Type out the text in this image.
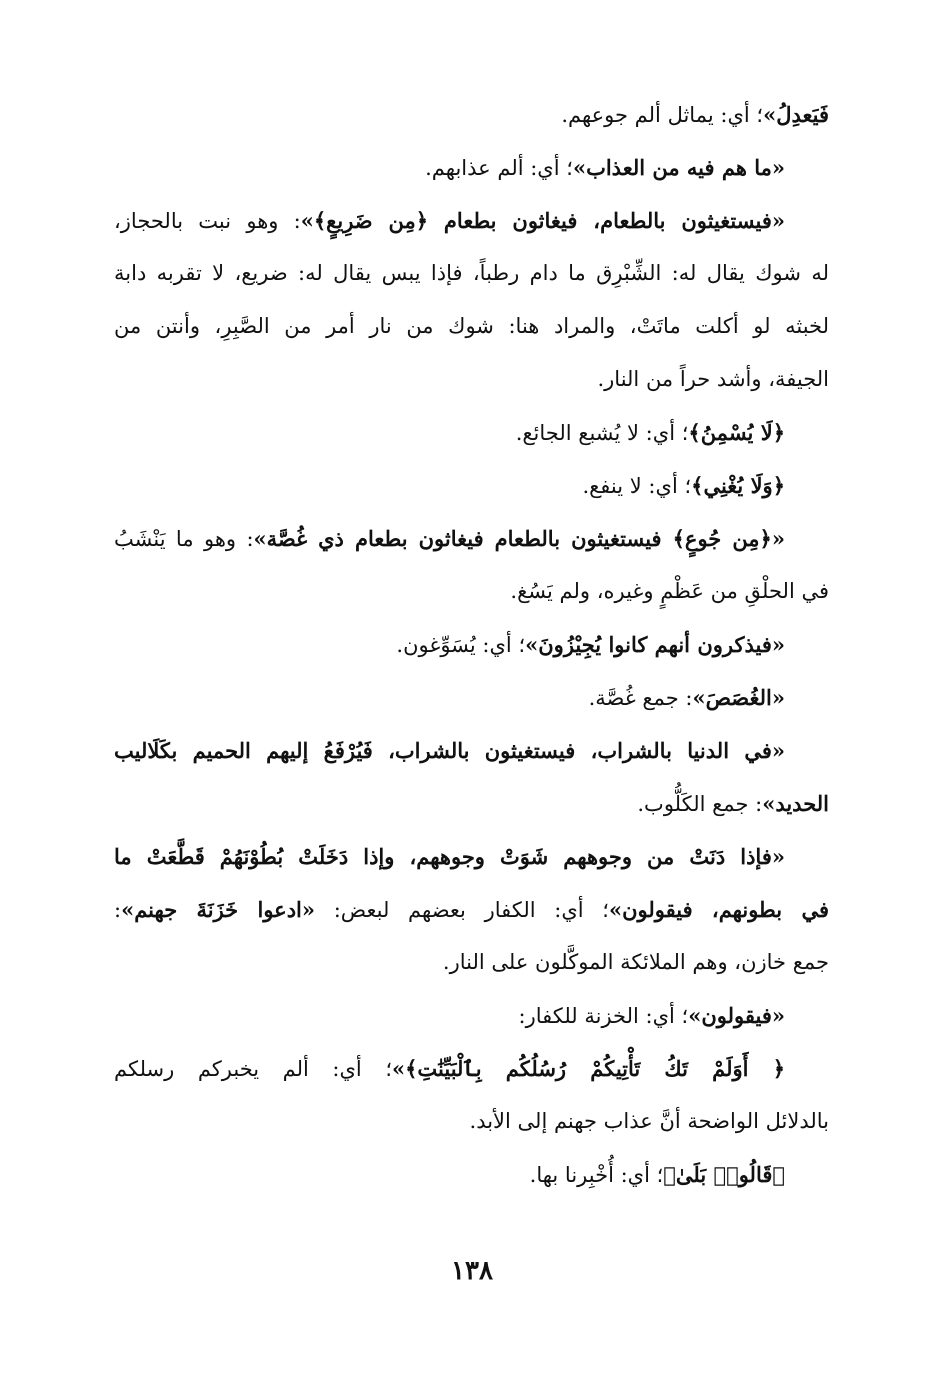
فَيَعدِلُ»؛ أي: يماثل ألم جوعهم.
«ما هم فيه من العذاب»؛ أي: ألم عذابهم.
«فيستغيثون بالطعام، فيغاثون بطعام ﴿مِن ضَرِيعٍ﴾»: وهو نبت بالحجاز،
له شوك يقال له: الشِّبْرِق ما دام رطباً، فإذا يبس يقال له: ضريع، لا تقربه دابة
لخبثه لو أكلت ماتَتْ، والمراد هنا: شوك من نار أمر من الصَّبِرِ، وأنتن من
الجيفة، وأشد حراً من النار.
﴿لَا يُسْمِنُ﴾؛ أي: لا يُشبع الجائع.
﴿وَلَا يُغْنِي﴾؛ أي: لا ينفع.
«﴿مِن جُوعٍ﴾ فيستغيثون بالطعام فيغاثون بطعام ذي غُصَّة»: وهو ما يَنْشَبُ
في الحلْقِ من عَظْمٍ وغيره، ولم يَسُغ.
«فيذكرون أنهم كانوا يُجِيْزُونَ»؛ أي: يُسَوِّغون.
«الغُصَصَ»: جمع غُصَّة.
«في الدنيا بالشراب، فيستغيثون بالشراب، فَيُرْفَعُ إليهم الحميم بكَلَاليب
الحديد»: جمع الكَلُّوب.
«فإذا دَنَتْ من وجوههم شَوَتْ وجوههم، وإذا دَخَلَتْ بُطُوْنَهُمْ قَطَّعَتْ ما
في بطونهم، فيقولون»؛ أي: الكفار بعضهم لبعض: «ادعوا خَزَنَةَ جهنم»:
جمع خازن، وهم الملائكة الموكَّلون على النار.
«فيقولون»؛ أي: الخزنة للكفار:
﴿ أَوَلَمْ تَكُ تَأْتِيكُمْ رُسُلُكُم بِٱلْبَيِّنَٰتِ﴾»؛ أي: ألم يخبركم رسلكم
بالدلائل الواضحة أنَّ عذاب جهنم إلى الأبد.
﴿قَالُوا۟ بَلَىٰ﴾؛ أي: أُخْبِرنا بها.
١٣٨
